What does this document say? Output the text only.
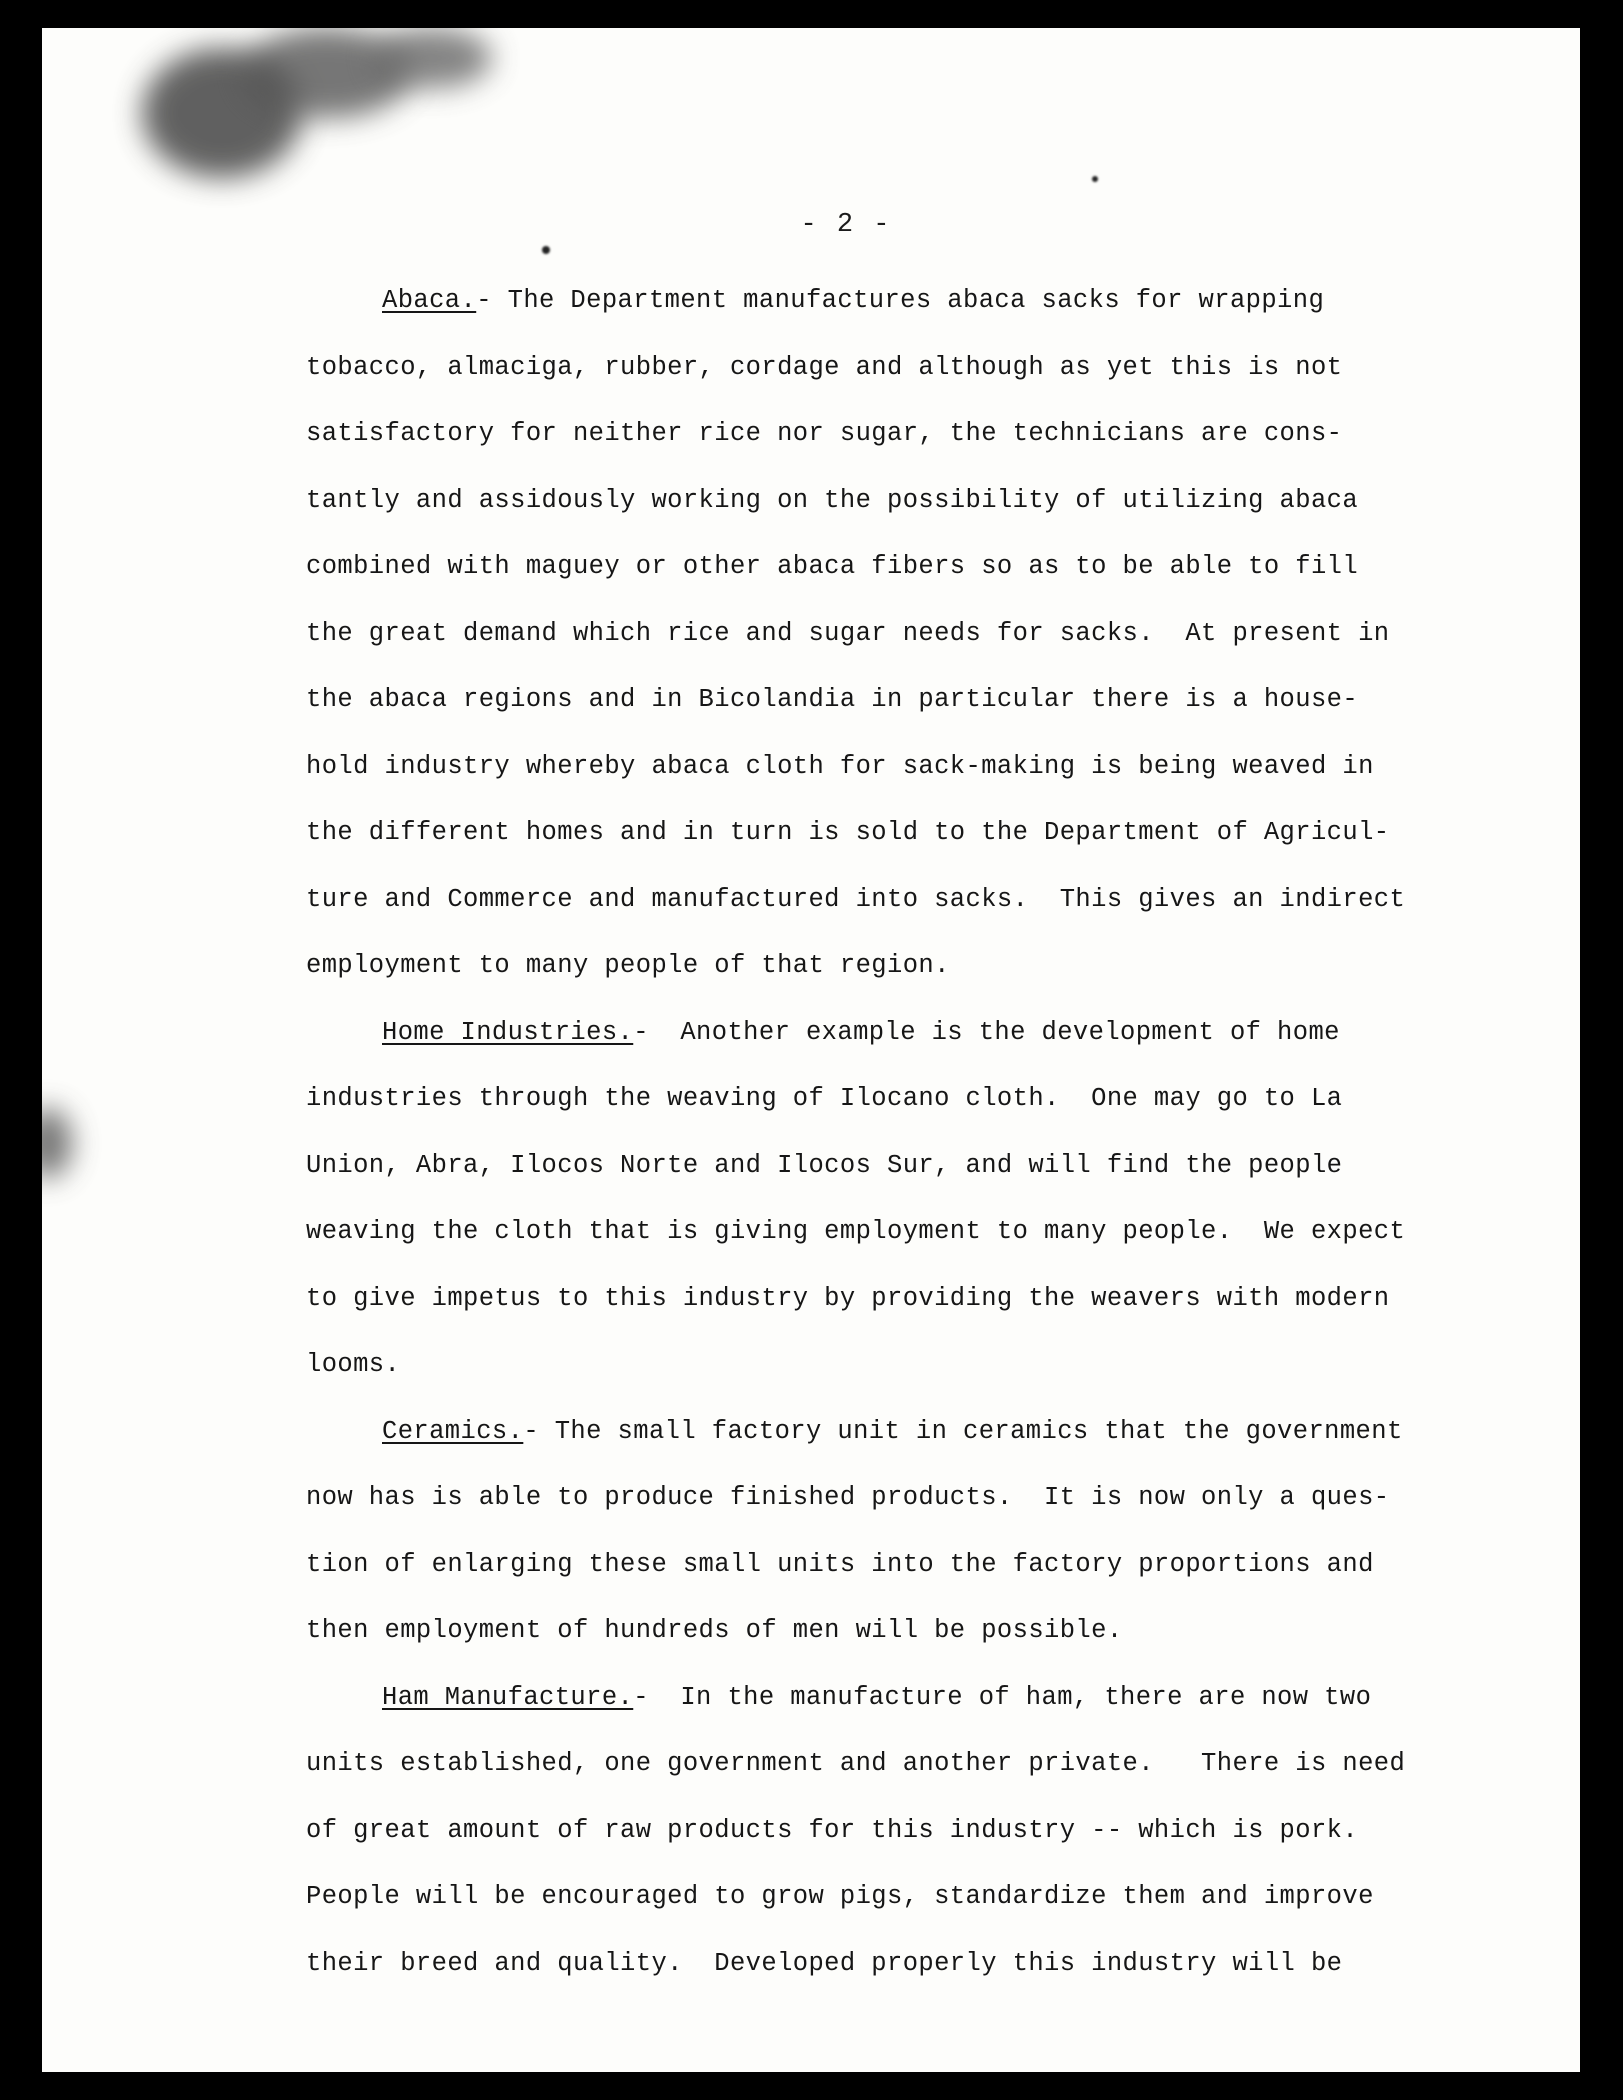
- 2 -
Abaca.- The Department manufactures abaca sacks for wrapping
tobacco, almaciga, rubber, cordage and although as yet this is not
satisfactory for neither rice nor sugar, the technicians are cons-
tantly and assidously working on the possibility of utilizing abaca
combined with maguey or other abaca fibers so as to be able to fill
the great demand which rice and sugar needs for sacks.  At present in
the abaca regions and in Bicolandia in particular there is a house-
hold industry whereby abaca cloth for sack-making is being weaved in
the different homes and in turn is sold to the Department of Agricul-
ture and Commerce and manufactured into sacks.  This gives an indirect
employment to many people of that region.
Home Industries.-  Another example is the development of home
industries through the weaving of Ilocano cloth.  One may go to La
Union, Abra, Ilocos Norte and Ilocos Sur, and will find the people
weaving the cloth that is giving employment to many people.  We expect
to give impetus to this industry by providing the weavers with modern
looms.
Ceramics.- The small factory unit in ceramics that the government
now has is able to produce finished products.  It is now only a ques-
tion of enlarging these small units into the factory proportions and
then employment of hundreds of men will be possible.
Ham Manufacture.-  In the manufacture of ham, there are now two
units established, one government and another private.   There is need
of great amount of raw products for this industry -- which is pork.
People will be encouraged to grow pigs, standardize them and improve
their breed and quality.  Developed properly this industry will be
